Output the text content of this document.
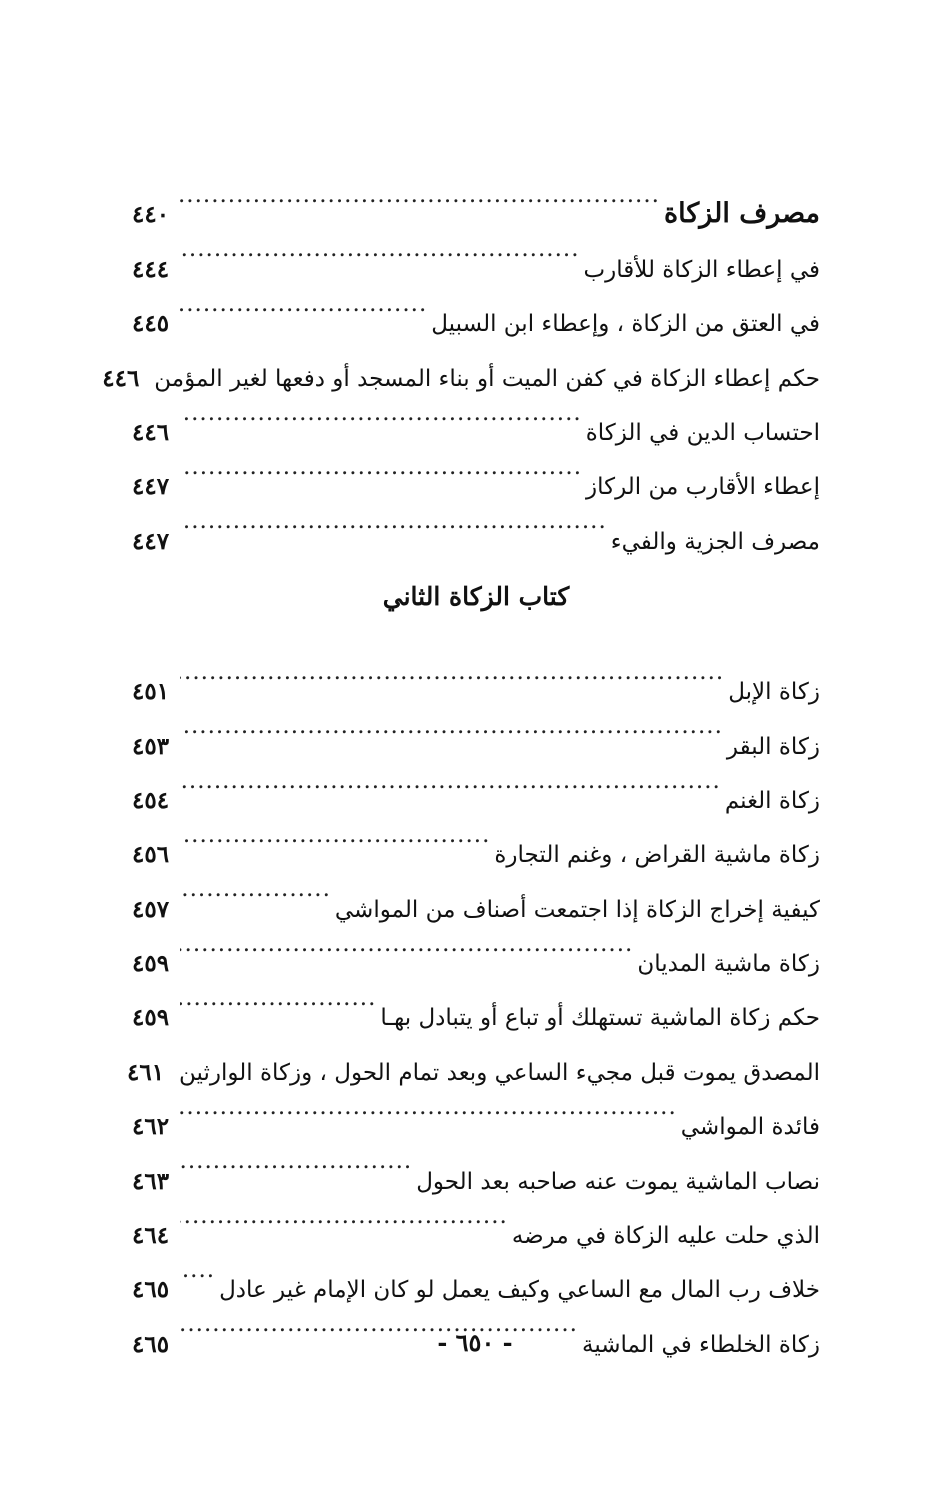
مصرف الزكاة
.....
٤٤٠
في إعطاء الزكاة للأقارب
.....
٤٤٤
في العتق من الزكاة ، وإعطاء ابن السبيل
.....
٤٤٥
حكم إعطاء الزكاة في كفن الميت أو بناء المسجد أو دفعها لغير المؤمن
٤٤٦
احتساب الدين في الزكاة
.....
٤٤٦
إعطاء الأقارب من الركاز
.....
٤٤٧
مصرف الجزية والفيء
.....
٤٤٧
كتاب الزكاة الثاني
زكاة الإبل
.....
٤٥١
زكاة البقر
.....
٤٥٣
زكاة الغنم
.....
٤٥٤
زكاة ماشية القراض ، وغنم التجارة
.....
٤٥٦
كيفية إخراج الزكاة إذا اجتمعت أصناف من المواشي
.....
٤٥٧
زكاة ماشية المديان
.....
٤٥٩
حكم زكاة الماشية تستهلك أو تباع أو يتبادل بهـا
.....
٤٥٩
المصدق يموت قبل مجيء الساعي وبعد تمام الحول ، وزكاة الوارثين
٤٦١
فائدة المواشي
.....
٤٦٢
نصاب الماشية يموت عنه صاحبه بعد الحول
.....
٤٦٣
الذي حلت عليه الزكاة في مرضه
.....
٤٦٤
خلاف رب المال مع الساعي وكيف يعمل لو كان الإمام غير عادل
.....
٤٦٥
زكاة الخلطاء في الماشية
.....
٤٦٥	- ٦٥٠ -
